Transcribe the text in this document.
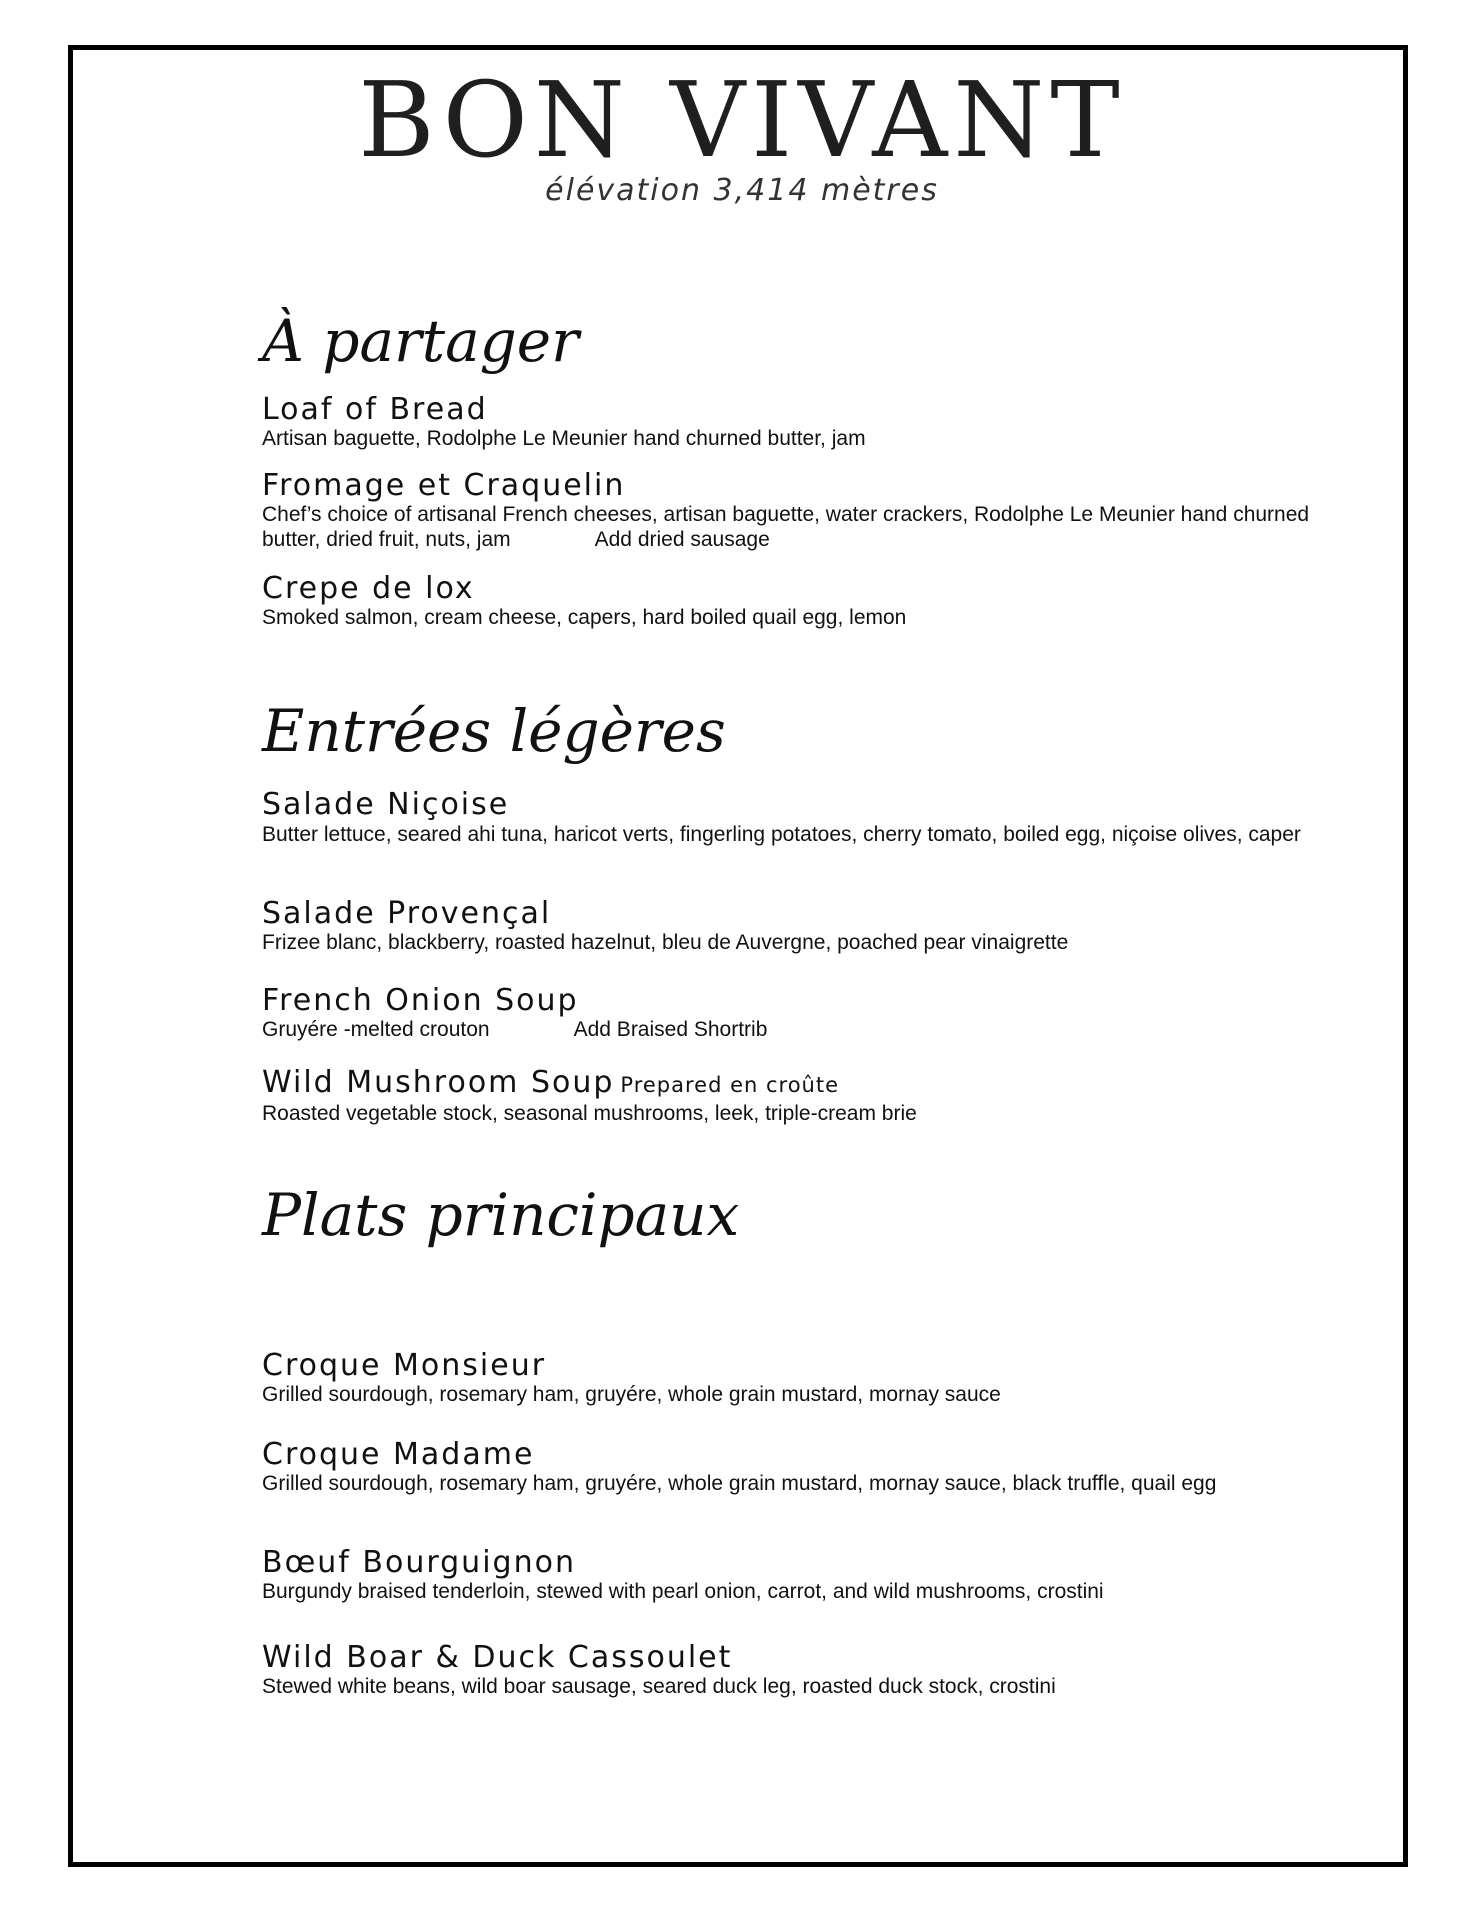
BON VIVANT
élévation 3,414 mètres
À partager
Loaf of Bread
Artisan baguette, Rodolphe Le Meunier hand churned butter, jam
Fromage et Craquelin
Chef’s choice of artisanal French cheeses, artisan baguette, water crackers, Rodolphe Le Meunier hand churned butter, dried fruit, nuts, jam	Add dried sausage
Crepe de lox
Smoked salmon, cream cheese, capers, hard boiled quail egg, lemon
Entrées légères
Salade Niçoise
Butter lettuce, seared ahi tuna, haricot verts, fingerling potatoes, cherry tomato, boiled egg, niçoise olives, caper
Salade Provençal
Frizee blanc, blackberry, roasted hazelnut, bleu de Auvergne, poached pear vinaigrette
French Onion Soup
Gruyére -melted crouton	Add Braised Shortrib
Wild Mushroom Soup Prepared en croûte
Roasted vegetable stock, seasonal mushrooms, leek, triple-cream brie
Plats principaux
Croque Monsieur
Grilled sourdough, rosemary ham, gruyére, whole grain mustard, mornay sauce
Croque Madame
Grilled sourdough, rosemary ham, gruyére, whole grain mustard, mornay sauce, black truffle, quail egg
Bœuf Bourguignon
Burgundy braised tenderloin, stewed with pearl onion, carrot, and wild mushrooms, crostini
Wild Boar & Duck Cassoulet
Stewed white beans, wild boar sausage, seared duck leg, roasted duck stock, crostini
